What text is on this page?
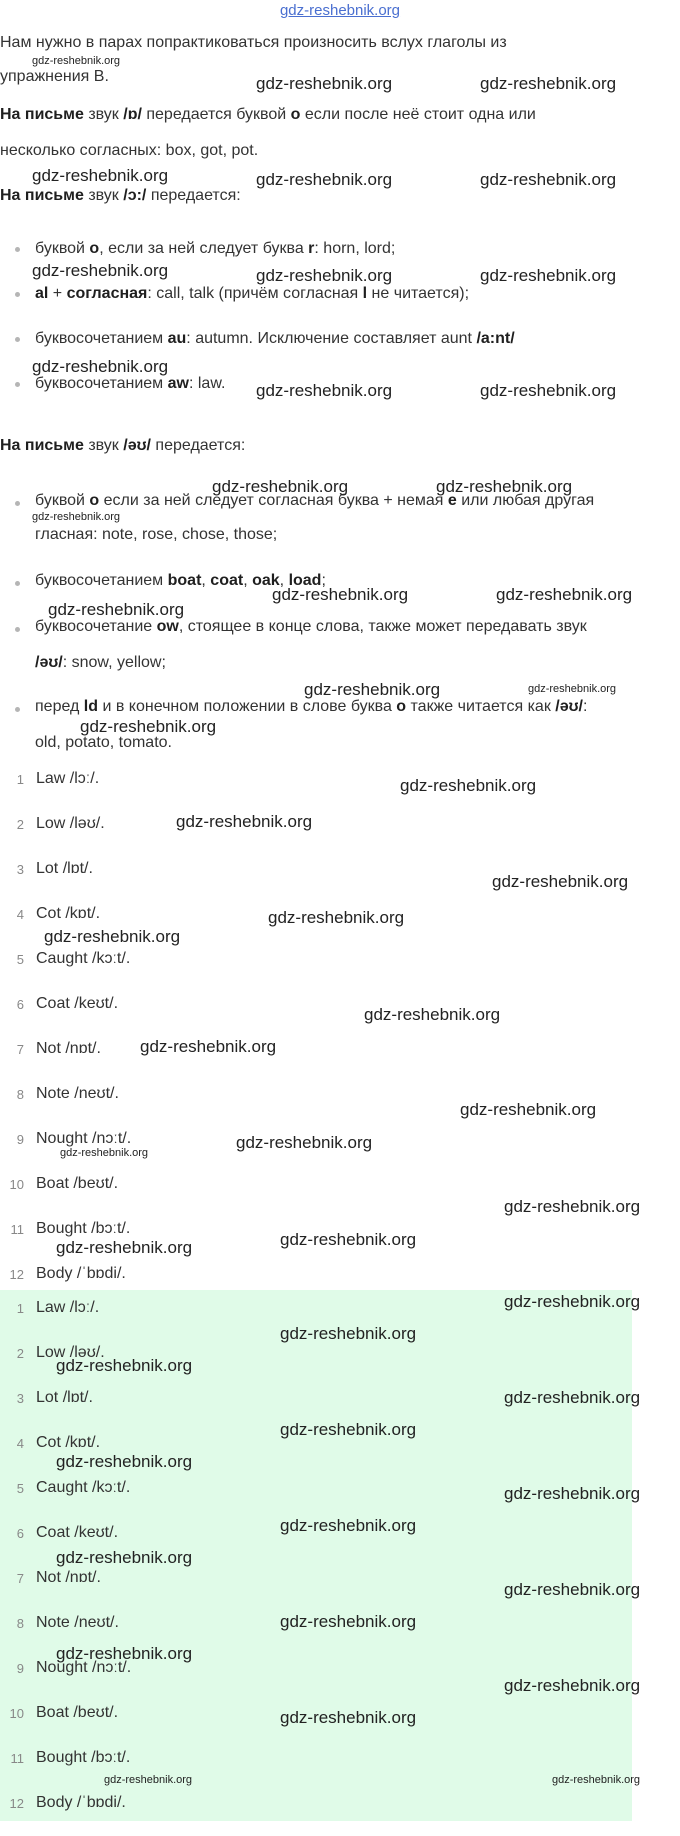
gdz-reshebnik.org
Нам нужно в парах попрактиковаться произносить вслух глаголы из
упражнения В.
На письме звук /ɒ/ передается буквой о если после неё стоит одна или
несколько согласных: box, got, pot.
На письме звук /ɔ:/ передается:
буквой о, если за ней следует буква r: horn, lord;
al + согласная: call, talk (причём согласная l не читается);
буквосочетанием au: autumn. Исключение составляет aunt /a:nt/
буквосочетанием aw: law.
На письме звук /əʊ/ передается:
буквой о если за ней следует согласная буква + немая е или любая другая
гласная: note, rose, chose, those;
буквосочетанием boat, coat, oak, load;
буквосочетание ow, стоящее в конце слова, также может передавать звук
/əʊ/: snow, yellow;
перед ld и в конечном положении в слове буква о также читается как /əʊ/:
old, potato, tomato.
1 Law /lɔː/.
2 Low /ləʊ/.
3 Lot /lɒt/.
4 Cot /kɒt/.
5 Caught /kɔːt/.
6 Coat /keʊt/.
7 Not /nɒt/.
8 Note /neʊt/.
9 Nought /nɔːt/.
10 Boat /beʊt/.
11 Bought /bɔːt/.
12 Body /ˈbɒdi/.
1 Law /lɔː/.
2 Low /ləʊ/.
3 Lot /lɒt/.
4 Cot /kɒt/.
5 Caught /kɔːt/.
6 Coat /keʊt/.
7 Not /nɒt/.
8 Note /neʊt/.
9 Nought /nɔːt/.
10 Boat /beʊt/.
11 Bought /bɔːt/.
12 Body /ˈbɒdi/.
gdz-reshebnik.org
gdz-reshebnik.org	gdz-reshebnik.org
gdz-reshebnik.org	gdz-reshebnik.org	gdz-reshebnik.org
gdz-reshebnik.org	gdz-reshebnik.org	gdz-reshebnik.org
gdz-reshebnik.org
gdz-reshebnik.org	gdz-reshebnik.org
gdz-reshebnik.org	gdz-reshebnik.org
gdz-reshebnik.org
gdz-reshebnik.org	gdz-reshebnik.org
gdz-reshebnik.org
gdz-reshebnik.org	gdz-reshebnik.org
gdz-reshebnik.org
gdz-reshebnik.org
gdz-reshebnik.org
gdz-reshebnik.org
gdz-reshebnik.org
gdz-reshebnik.org
gdz-reshebnik.org
gdz-reshebnik.org
gdz-reshebnik.org
gdz-reshebnik.org
gdz-reshebnik.org
gdz-reshebnik.org
gdz-reshebnik.org
gdz-reshebnik.org
gdz-reshebnik.org
gdz-reshebnik.org
gdz-reshebnik.org
gdz-reshebnik.org
gdz-reshebnik.org
gdz-reshebnik.org
gdz-reshebnik.org
gdz-reshebnik.org
gdz-reshebnik.org
gdz-reshebnik.org
gdz-reshebnik.org
gdz-reshebnik.org
gdz-reshebnik.org
gdz-reshebnik.org
gdz-reshebnik.org	gdz-reshebnik.org
